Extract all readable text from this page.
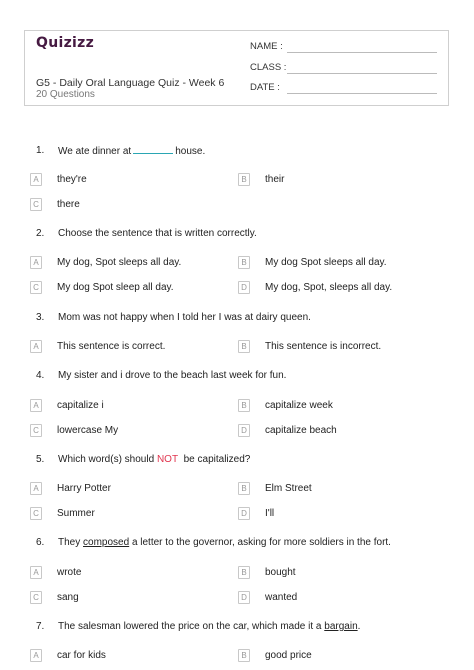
Quizizz
G5 - Daily Oral Language Quiz - Week 6
20 Questions
NAME :
CLASS :
DATE :
1. We ate dinner at	house.
A	they're	B	their
C	there
2. Choose the sentence that is written correctly.
A	My dog, Spot sleeps all day.	B	My dog Spot sleeps all day.
C	My dog Spot sleep all day.	D	My dog, Spot, sleeps all day.
3. Mom was not happy when I told her I was at dairy queen.
A	This sentence is correct.	B	This sentence is incorrect.
4. My sister and i drove to the beach last week for fun.
A	capitalize i	B	capitalize week
C	lowercase My	D	capitalize beach
5. Which word(s) should NOT be capitalized?
A	Harry Potter	B	Elm Street
C	Summer	D	I'll
6. They composed a letter to the governor, asking for more soldiers in the fort.
A	wrote	B	bought
C	sang	D	wanted
7. The salesman lowered the price on the car, which made it a bargain.
A	car for kids	B	good price
